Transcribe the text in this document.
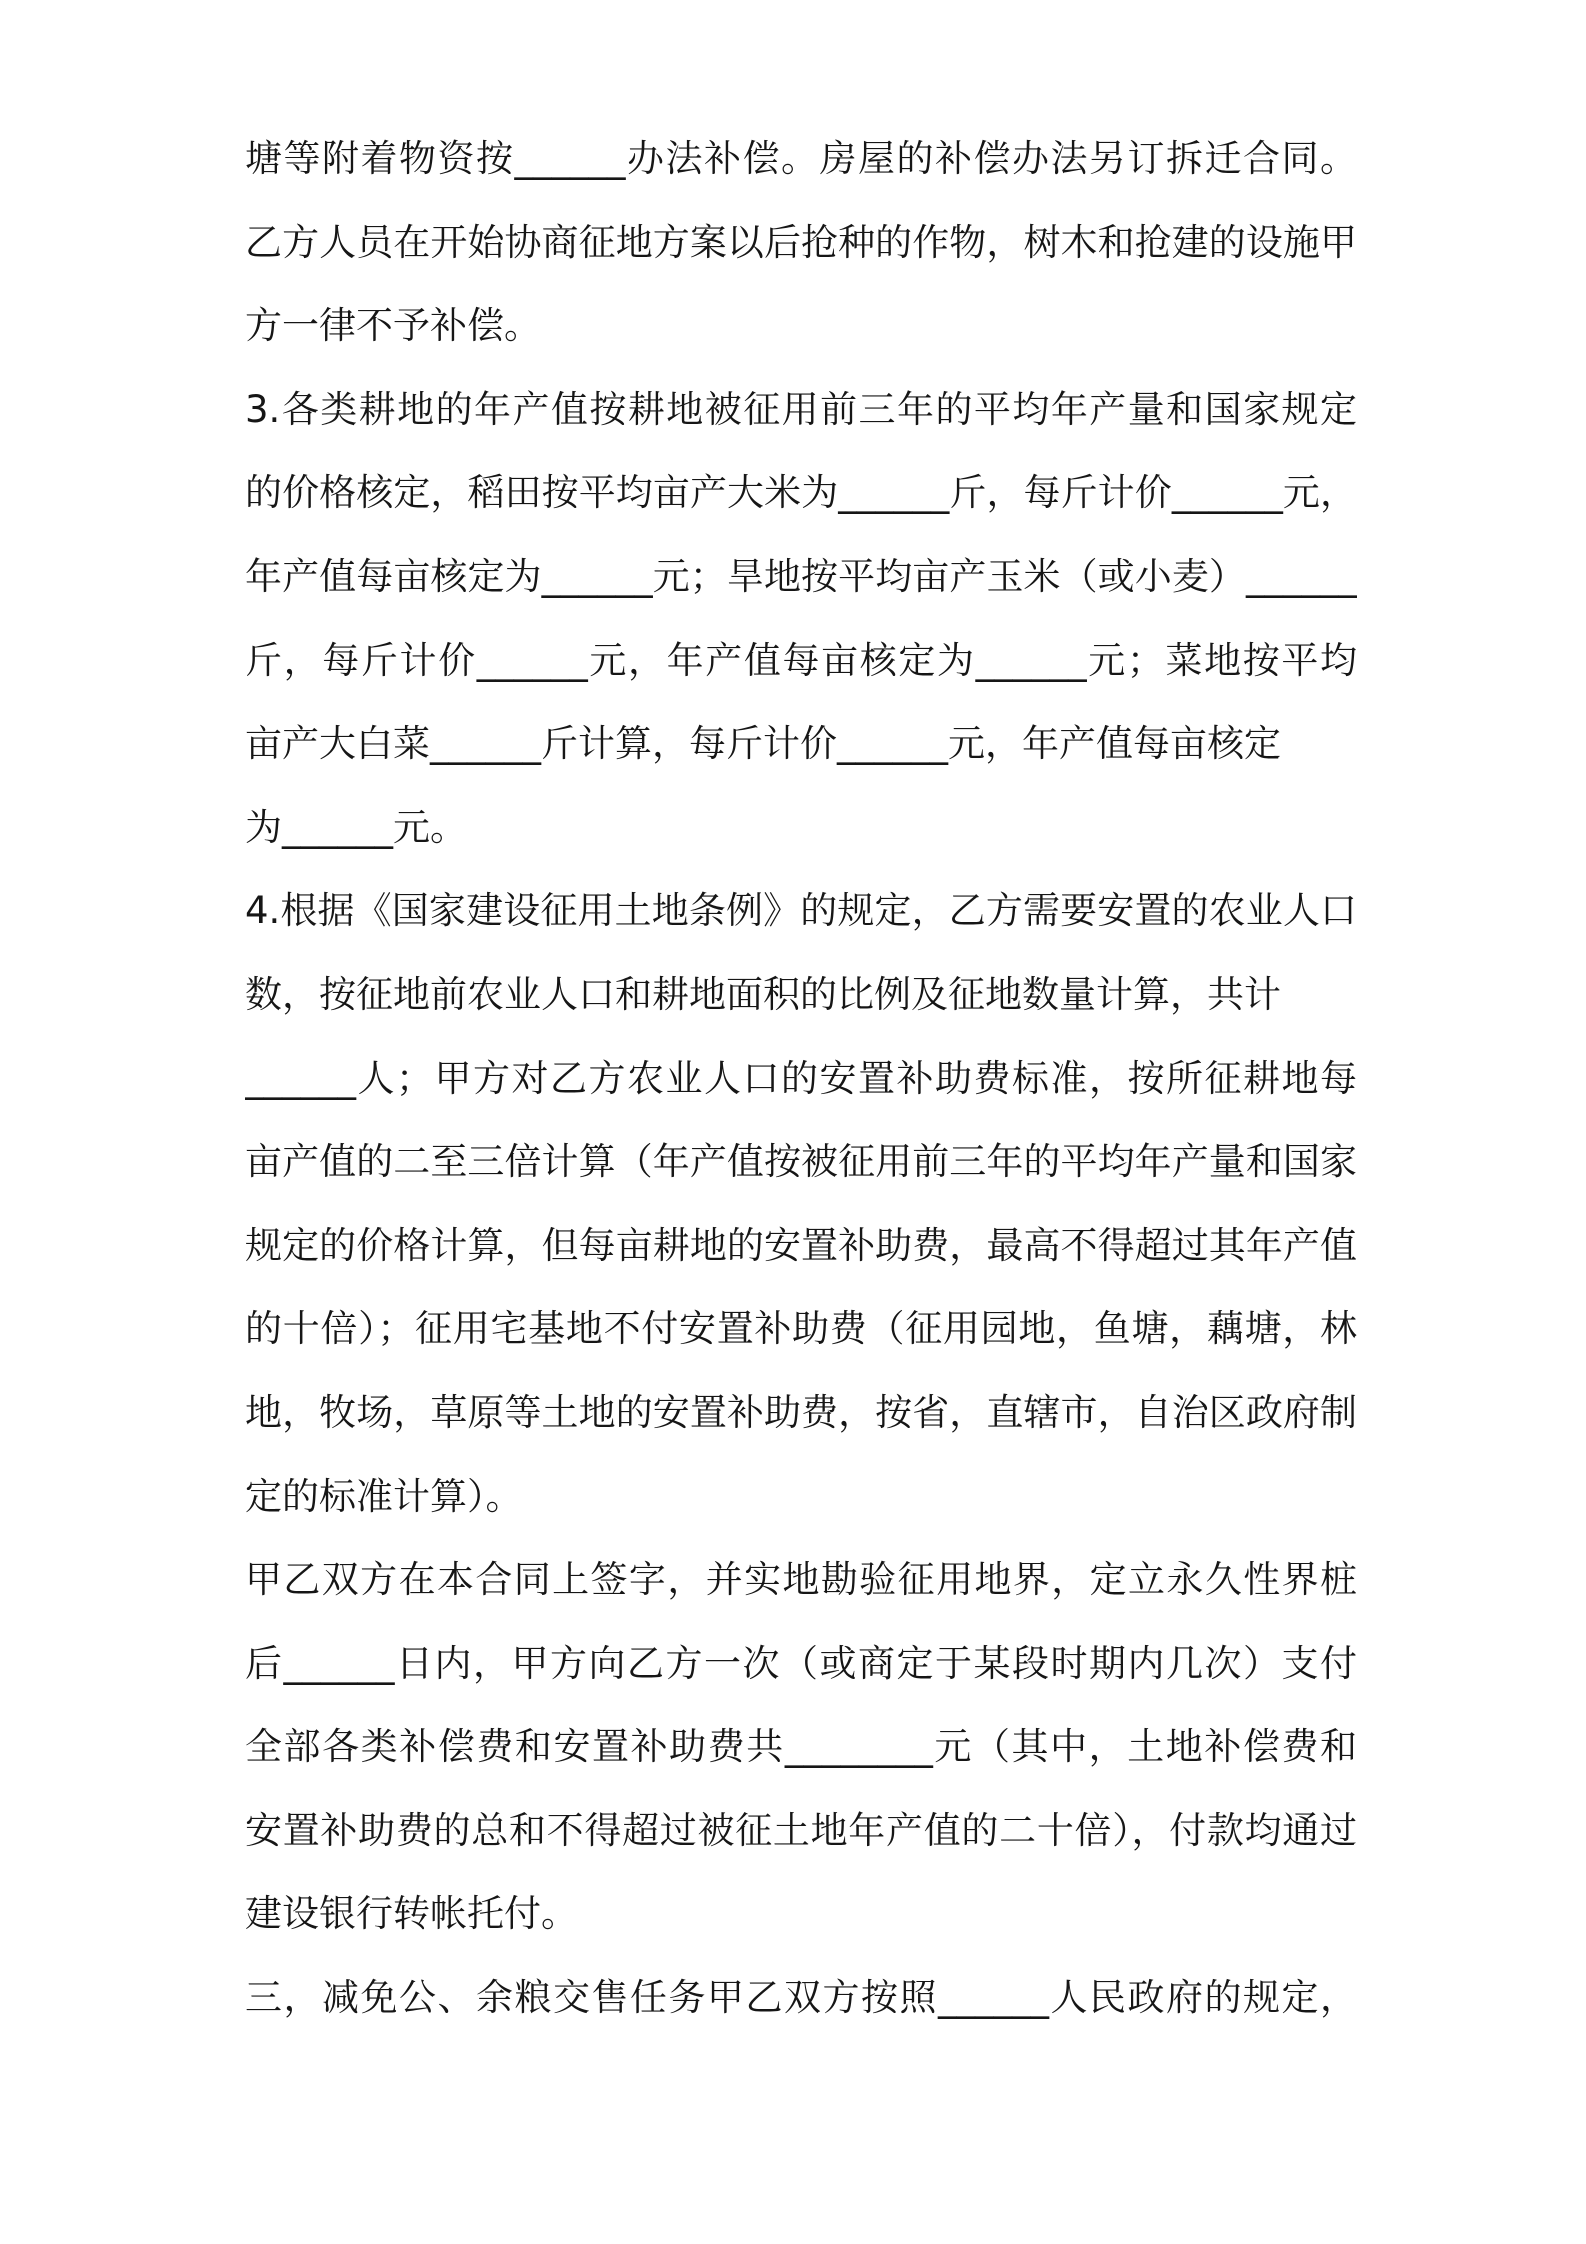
塘等附着物资按______办法补偿。房屋的补偿办法另订拆迁合同。
乙方人员在开始协商征地方案以后抢种的作物，树木和抢建的设施甲
方一律不予补偿。
3.各类耕地的年产值按耕地被征用前三年的平均年产量和国家规定
的价格核定，稻田按平均亩产大米为______斤，每斤计价______元，
年产值每亩核定为______元；旱地按平均亩产玉米（或小麦）______
斤，每斤计价______元，年产值每亩核定为______元；菜地按平均
亩产大白菜______斤计算，每斤计价______元，年产值每亩核定
为______元。
4.根据《国家建设征用土地条例》的规定，乙方需要安置的农业人口
数，按征地前农业人口和耕地面积的比例及征地数量计算，共计
______人；甲方对乙方农业人口的安置补助费标准，按所征耕地每
亩产值的二至三倍计算（年产值按被征用前三年的平均年产量和国家
规定的价格计算，但每亩耕地的安置补助费，最高不得超过其年产值
的十倍）；征用宅基地不付安置补助费（征用园地，鱼塘，藕塘，林
地，牧场，草原等土地的安置补助费，按省，直辖市，自治区政府制
定的标准计算）。
甲乙双方在本合同上签字，并实地勘验征用地界，定立永久性界桩
后______日内，甲方向乙方一次（或商定于某段时期内几次）支付
全部各类补偿费和安置补助费共________元（其中，土地补偿费和
安置补助费的总和不得超过被征土地年产值的二十倍），付款均通过
建设银行转帐托付。
三，减免公、余粮交售任务甲乙双方按照______人民政府的规定，
